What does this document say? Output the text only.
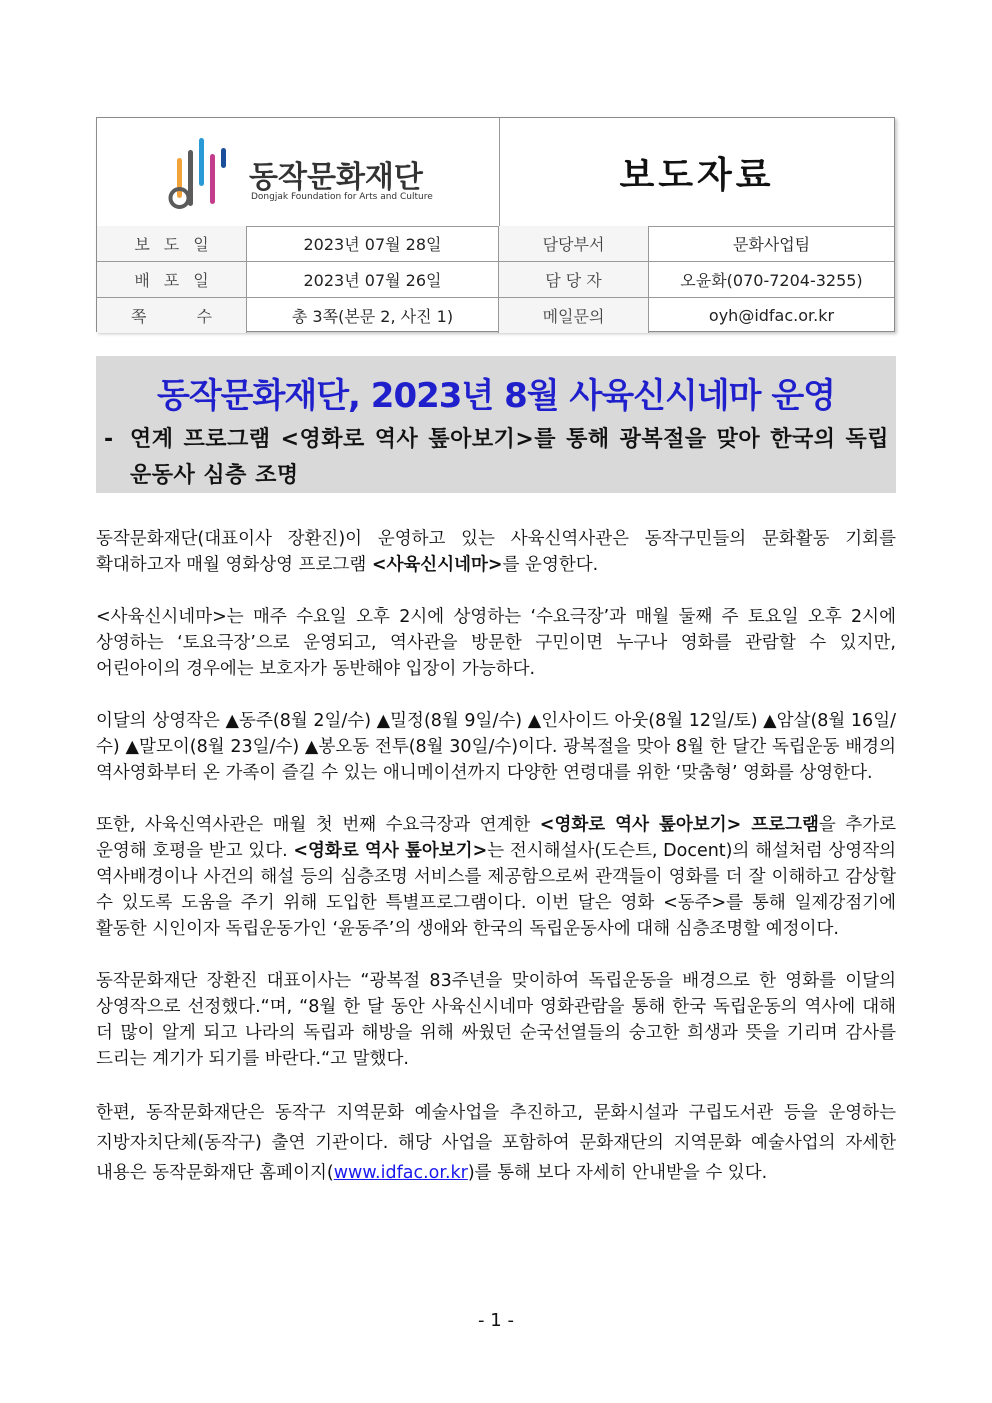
동작문화재단
Dongjak Foundation for Arts and Culture
보도자료
보도일	2023년 07월 28일	담당부서	문화사업팀
배포일	2023년 07월 26일	담 당 자	오윤화(070-7204-3255)
쪽수	총 3쪽(본문 2, 사진 1)	메일문의	oyh@idfac.or.kr
동작문화재단, 2023년 8월 사육신시네마 운영
- 연계 프로그램 <영화로 역사 톺아보기>를 통해 광복절을 맞아 한국의 독립운동사 심층 조명

동작문화재단(대표이사 장환진)이 운영하고 있는 사육신역사관은 동작구민들의 문화활동 기회를 확대하고자 매월 영화상영 프로그램 <사육신시네마>를 운영한다.

<사육신시네마>는 매주 수요일 오후 2시에 상영하는 ‘수요극장’과 매월 둘째 주 토요일 오후 2시에 상영하는 ‘토요극장’으로 운영되고, 역사관을 방문한 구민이면 누구나 영화를 관람할 수 있지만, 어린아이의 경우에는 보호자가 동반해야 입장이 가능하다.

이달의 상영작은 ▲동주(8월 2일/수) ▲밀정(8월 9일/수) ▲인사이드 아웃(8월 12일/토) ▲암살(8월 16일/수) ▲말모이(8월 23일/수) ▲봉오동 전투(8월 30일/수)이다. 광복절을 맞아 8월 한 달간 독립운동 배경의 역사영화부터 온 가족이 즐길 수 있는 애니메이션까지 다양한 연령대를 위한 ‘맞춤형’ 영화를 상영한다.

또한, 사육신역사관은 매월 첫 번째 수요극장과 연계한 <영화로 역사 톺아보기> 프로그램을 추가로 운영해 호평을 받고 있다. <영화로 역사 톺아보기>는 전시해설사(도슨트, Docent)의 해설처럼 상영작의 역사배경이나 사건의 해설 등의 심층조명 서비스를 제공함으로써 관객들이 영화를 더 잘 이해하고 감상할 수 있도록 도움을 주기 위해 도입한 특별프로그램이다. 이번 달은 영화 <동주>를 통해 일제강점기에 활동한 시인이자 독립운동가인 ‘윤동주’의 생애와 한국의 독립운동사에 대해 심층조명할 예정이다.

동작문화재단 장환진 대표이사는 “광복절 83주년을 맞이하여 독립운동을 배경으로 한 영화를 이달의 상영작으로 선정했다.“며, “8월 한 달 동안 사육신시네마 영화관람을 통해 한국 독립운동의 역사에 대해 더 많이 알게 되고 나라의 독립과 해방을 위해 싸웠던 순국선열들의 숭고한 희생과 뜻을 기리며 감사를 드리는 계기가 되기를 바란다.“고 말했다.

한편, 동작문화재단은 동작구 지역문화 예술사업을 추진하고, 문화시설과 구립도서관 등을 운영하는 지방자치단체(동작구) 출연 기관이다. 해당 사업을 포함하여 문화재단의 지역문화 예술사업의 자세한 내용은 동작문화재단 홈페이지(www.idfac.or.kr)를 통해 보다 자세히 안내받을 수 있다.

- 1 -
